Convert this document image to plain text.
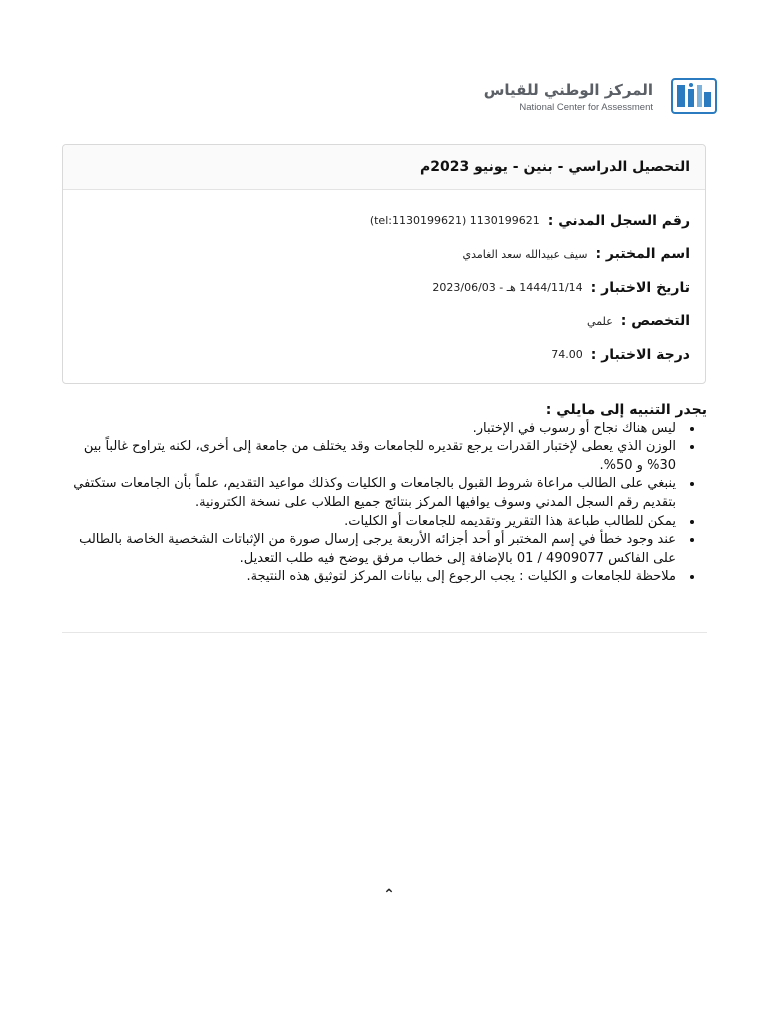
المركز الوطني للقياس
National Center for Assessment
التحصيل الدراسي - بنين - يونيو 2023م
رقم السجل المدني :
1130199621 (tel:1130199621)
اسم المختبر :
سيف عبيدالله سعد الغامدي
تاريخ الاختبار :
1444/11/14 هـ - 2023/06/03
التخصص :
علمي
درجة الاختبار :
74.00
يجدر التنبيه إلى مايلي :
• ليس هناك نجاح أو رسوب في الإختبار.
• الوزن الذي يعطى لإختبار القدرات يرجع تقديره للجامعات وقد يختلف من جامعة إلى أخرى، لكنه يتراوح غالباً بين 30% و 50%.
• ينبغي على الطالب مراعاة شروط القبول بالجامعات و الكليات وكذلك مواعيد التقديم، علماً بأن الجامعات ستكتفي بتقديم رقم السجل المدني وسوف يوافيها المركز بنتائج جميع الطلاب على نسخة الكترونية.
• يمكن للطالب طباعة هذا التقرير وتقديمه للجامعات أو الكليات.
• عند وجود خطأ في إسم المختبر أو أحد أجزائه الأربعة يرجى إرسال صورة من الإثباتات الشخصية الخاصة بالطالب على الفاكس 4909077 / 01 بالإضافة إلى خطاب مرفق يوضح فيه طلب التعديل.
• ملاحظة للجامعات و الكليات : يجب الرجوع إلى بيانات المركز لتوثيق هذه النتيجة.
⌃
